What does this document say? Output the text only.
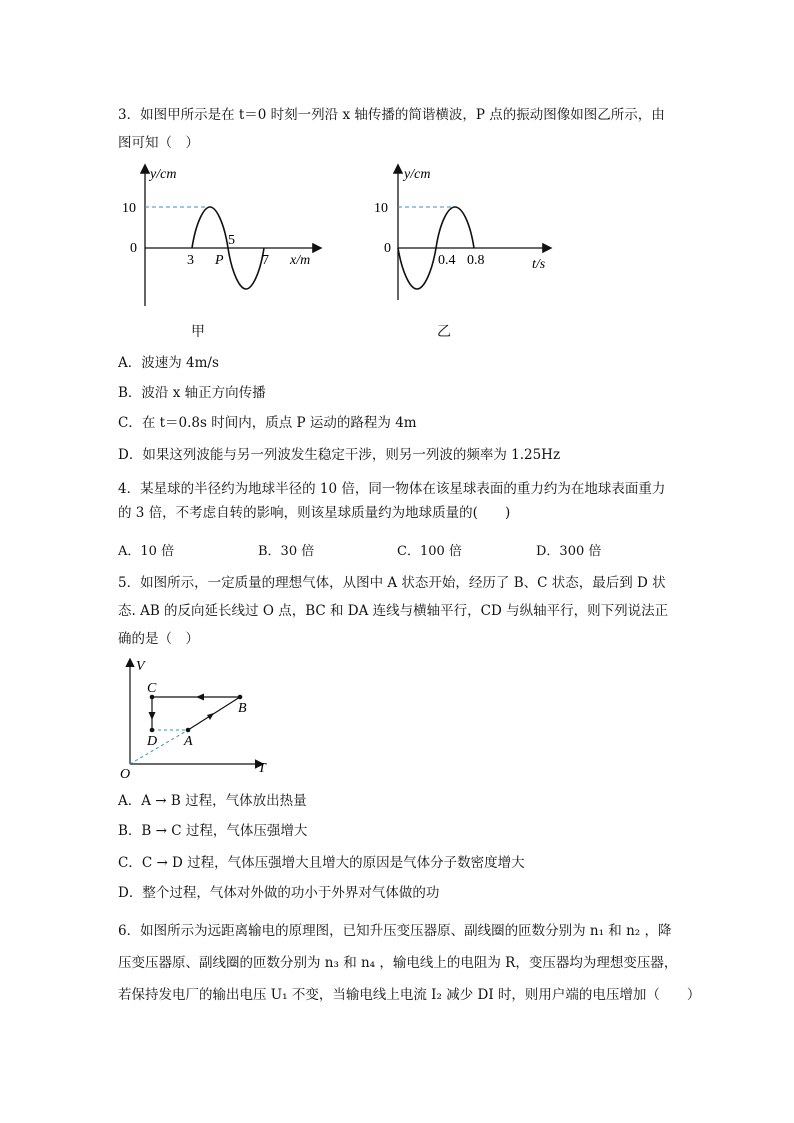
3．如图甲所示是在 t＝0 时刻一列沿 x 轴传播的简谐横波，P 点的振动图像如图乙所示，由
图可知（　）
y/cm
10
0
3
5
P	7 x/m
甲
y/cm
10
0
0.4 0.8	t/s
乙
A．波速为 4m/s
B．波沿 x 轴正方向传播
C．在 t＝0.8s 时间内，质点 P 运动的路程为 4m
D．如果这列波能与另一列波发生稳定干涉，则另一列波的频率为 1.25Hz
4．某星球的半径约为地球半径的 10 倍，同一物体在该星球表面的重力约为在地球表面重力
的 3 倍，不考虑自转的影响，则该星球质量约为地球质量的(　　)
A．10 倍	B．30 倍	C．100 倍	D．300 倍
5．如图所示，一定质量的理想气体，从图中 A 状态开始，经历了 B、C 状态，最后到 D 状
态. AB 的反向延长线过 O 点，BC 和 DA 连线与横轴平行，CD 与纵轴平行，则下列说法正
确的是（　）
V
T
O
A
B
C
D
A．A → B 过程，气体放出热量
B．B → C 过程，气体压强增大
C．C → D 过程，气体压强增大且增大的原因是气体分子数密度增大
D．整个过程，气体对外做的功小于外界对气体做的功
6．如图所示为远距离输电的原理图，已知升压变压器原、副线圈的匝数分别为 n₁ 和 n₂ ，降
压变压器原、副线圈的匝数分别为 n₃ 和 n₄ ，输电线上的电阻为 R，变压器均为理想变压器，
若保持发电厂的输出电压 U₁ 不变，当输电线上电流 I₂ 减少 DI 时，则用户端的电压增加（　　）
